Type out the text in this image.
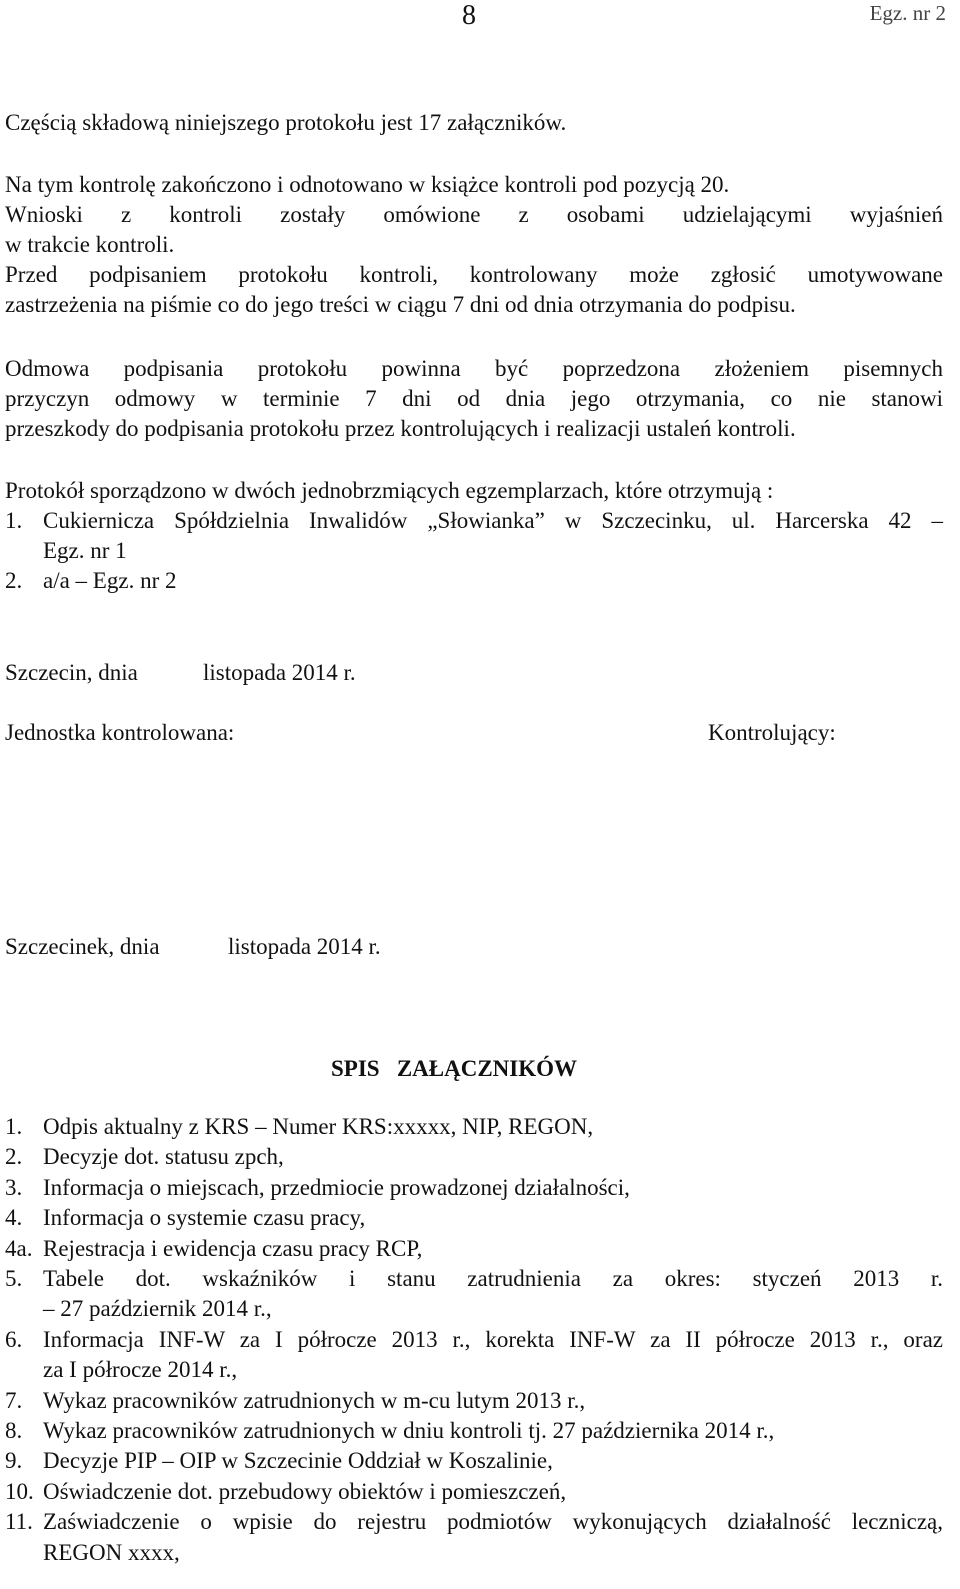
8	Egz. nr 2

Częścią składową niniejszego protokołu jest 17 załączników.

Na tym kontrolę zakończono i odnotowano w książce kontroli pod pozycją 20.

Wnioski z kontroli zostały omówione z osobami udzielającymi wyjaśnień

w trakcie kontroli.

Przed podpisaniem protokołu kontroli, kontrolowany może zgłosić umotywowane

zastrzeżenia na piśmie co do jego treści w ciągu 7 dni od dnia otrzymania do podpisu.

Odmowa podpisania protokołu powinna być poprzedzona złożeniem pisemnych

przyczyn odmowy w terminie 7 dni od dnia jego otrzymania, co nie stanowi

przeszkody do podpisania protokołu przez kontrolujących i realizacji ustaleń kontroli.

Protokół sporządzono w dwóch jednobrzmiących egzemplarzach, które otrzymują :

1. Cukiernicza Spółdzielnia Inwalidów „Słowianka” w Szczecinku, ul. Harcerska 42 –
Egz. nr 1
2. a/a – Egz. nr 2
Szczecin, dnia	listopada 2014 r.
Jednostka kontrolowana:	Kontrolujący:
Szczecinek, dnia	listopada 2014 r.
SPIS   ZAŁĄCZNIKÓW
1. Odpis aktualny z KRS – Numer KRS:xxxxx, NIP, REGON,
2. Decyzje dot. statusu zpch,
3. Informacja o miejscach, przedmiocie prowadzonej działalności,
4. Informacja o systemie czasu pracy,
4a. Rejestracja i ewidencja czasu pracy RCP,
5. Tabele dot. wskaźników i stanu zatrudnienia za okres: styczeń 2013 r.
– 27 październik 2014 r.,
6. Informacja INF-W za I półrocze 2013 r., korekta INF-W za II półrocze 2013 r., oraz
za I półrocze 2014 r.,
7. Wykaz pracowników zatrudnionych w m-cu lutym 2013 r.,
8. Wykaz pracowników zatrudnionych w dniu kontroli tj. 27 października 2014 r.,
9. Decyzje PIP – OIP w Szczecinie Oddział w Koszalinie,
10. Oświadczenie dot. przebudowy obiektów i pomieszczeń,
11. Zaświadczenie o wpisie do rejestru podmiotów wykonujących działalność leczniczą,
REGON xxxx,
